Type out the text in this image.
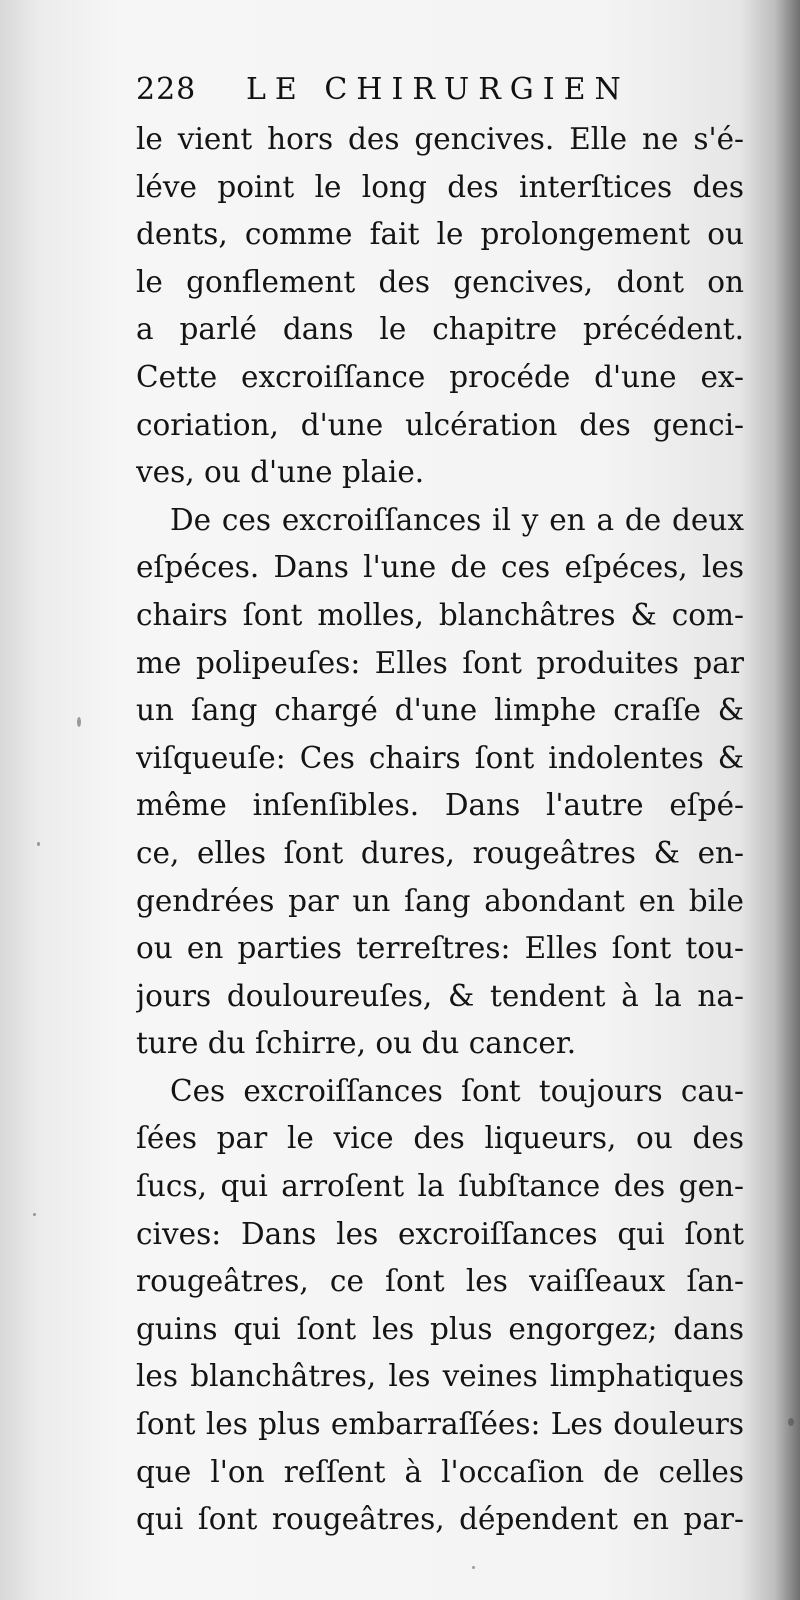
228 LE CHIRURGIEN
le vient hors des gencives. Elle ne s'é-
léve point le long des interſtices des
dents, comme fait le prolongement ou
le gonflement des gencives, dont on
a parlé dans le chapitre précédent.
Cette excroiſſance procéde d'une ex-
coriation, d'une ulcération des genci-
ves, ou d'une plaie.
De ces excroiſſances il y en a de deux
eſpéces. Dans l'une de ces eſpéces, les
chairs ſont molles, blanchâtres & com-
me polipeuſes: Elles ſont produites par
un ſang chargé d'une limphe craſſe &
viſqueuſe: Ces chairs ſont indolentes &
même inſenſibles. Dans l'autre eſpé-
ce, elles ſont dures, rougeâtres & en-
gendrées par un ſang abondant en bile
ou en parties terreſtres: Elles ſont tou-
jours douloureuſes, & tendent à la na-
ture du ſchirre, ou du cancer.
Ces excroiſſances ſont toujours cau-
ſées par le vice des liqueurs, ou des
ſucs, qui arroſent la ſubſtance des gen-
cives: Dans les excroiſſances qui ſont
rougeâtres, ce ſont les vaiſſeaux ſan-
guins qui ſont les plus engorgez; dans
les blanchâtres, les veines limphatiques
ſont les plus embarraſſées: Les douleurs
que l'on reſſent à l'occaſion de celles
qui ſont rougeâtres, dépendent en par-
